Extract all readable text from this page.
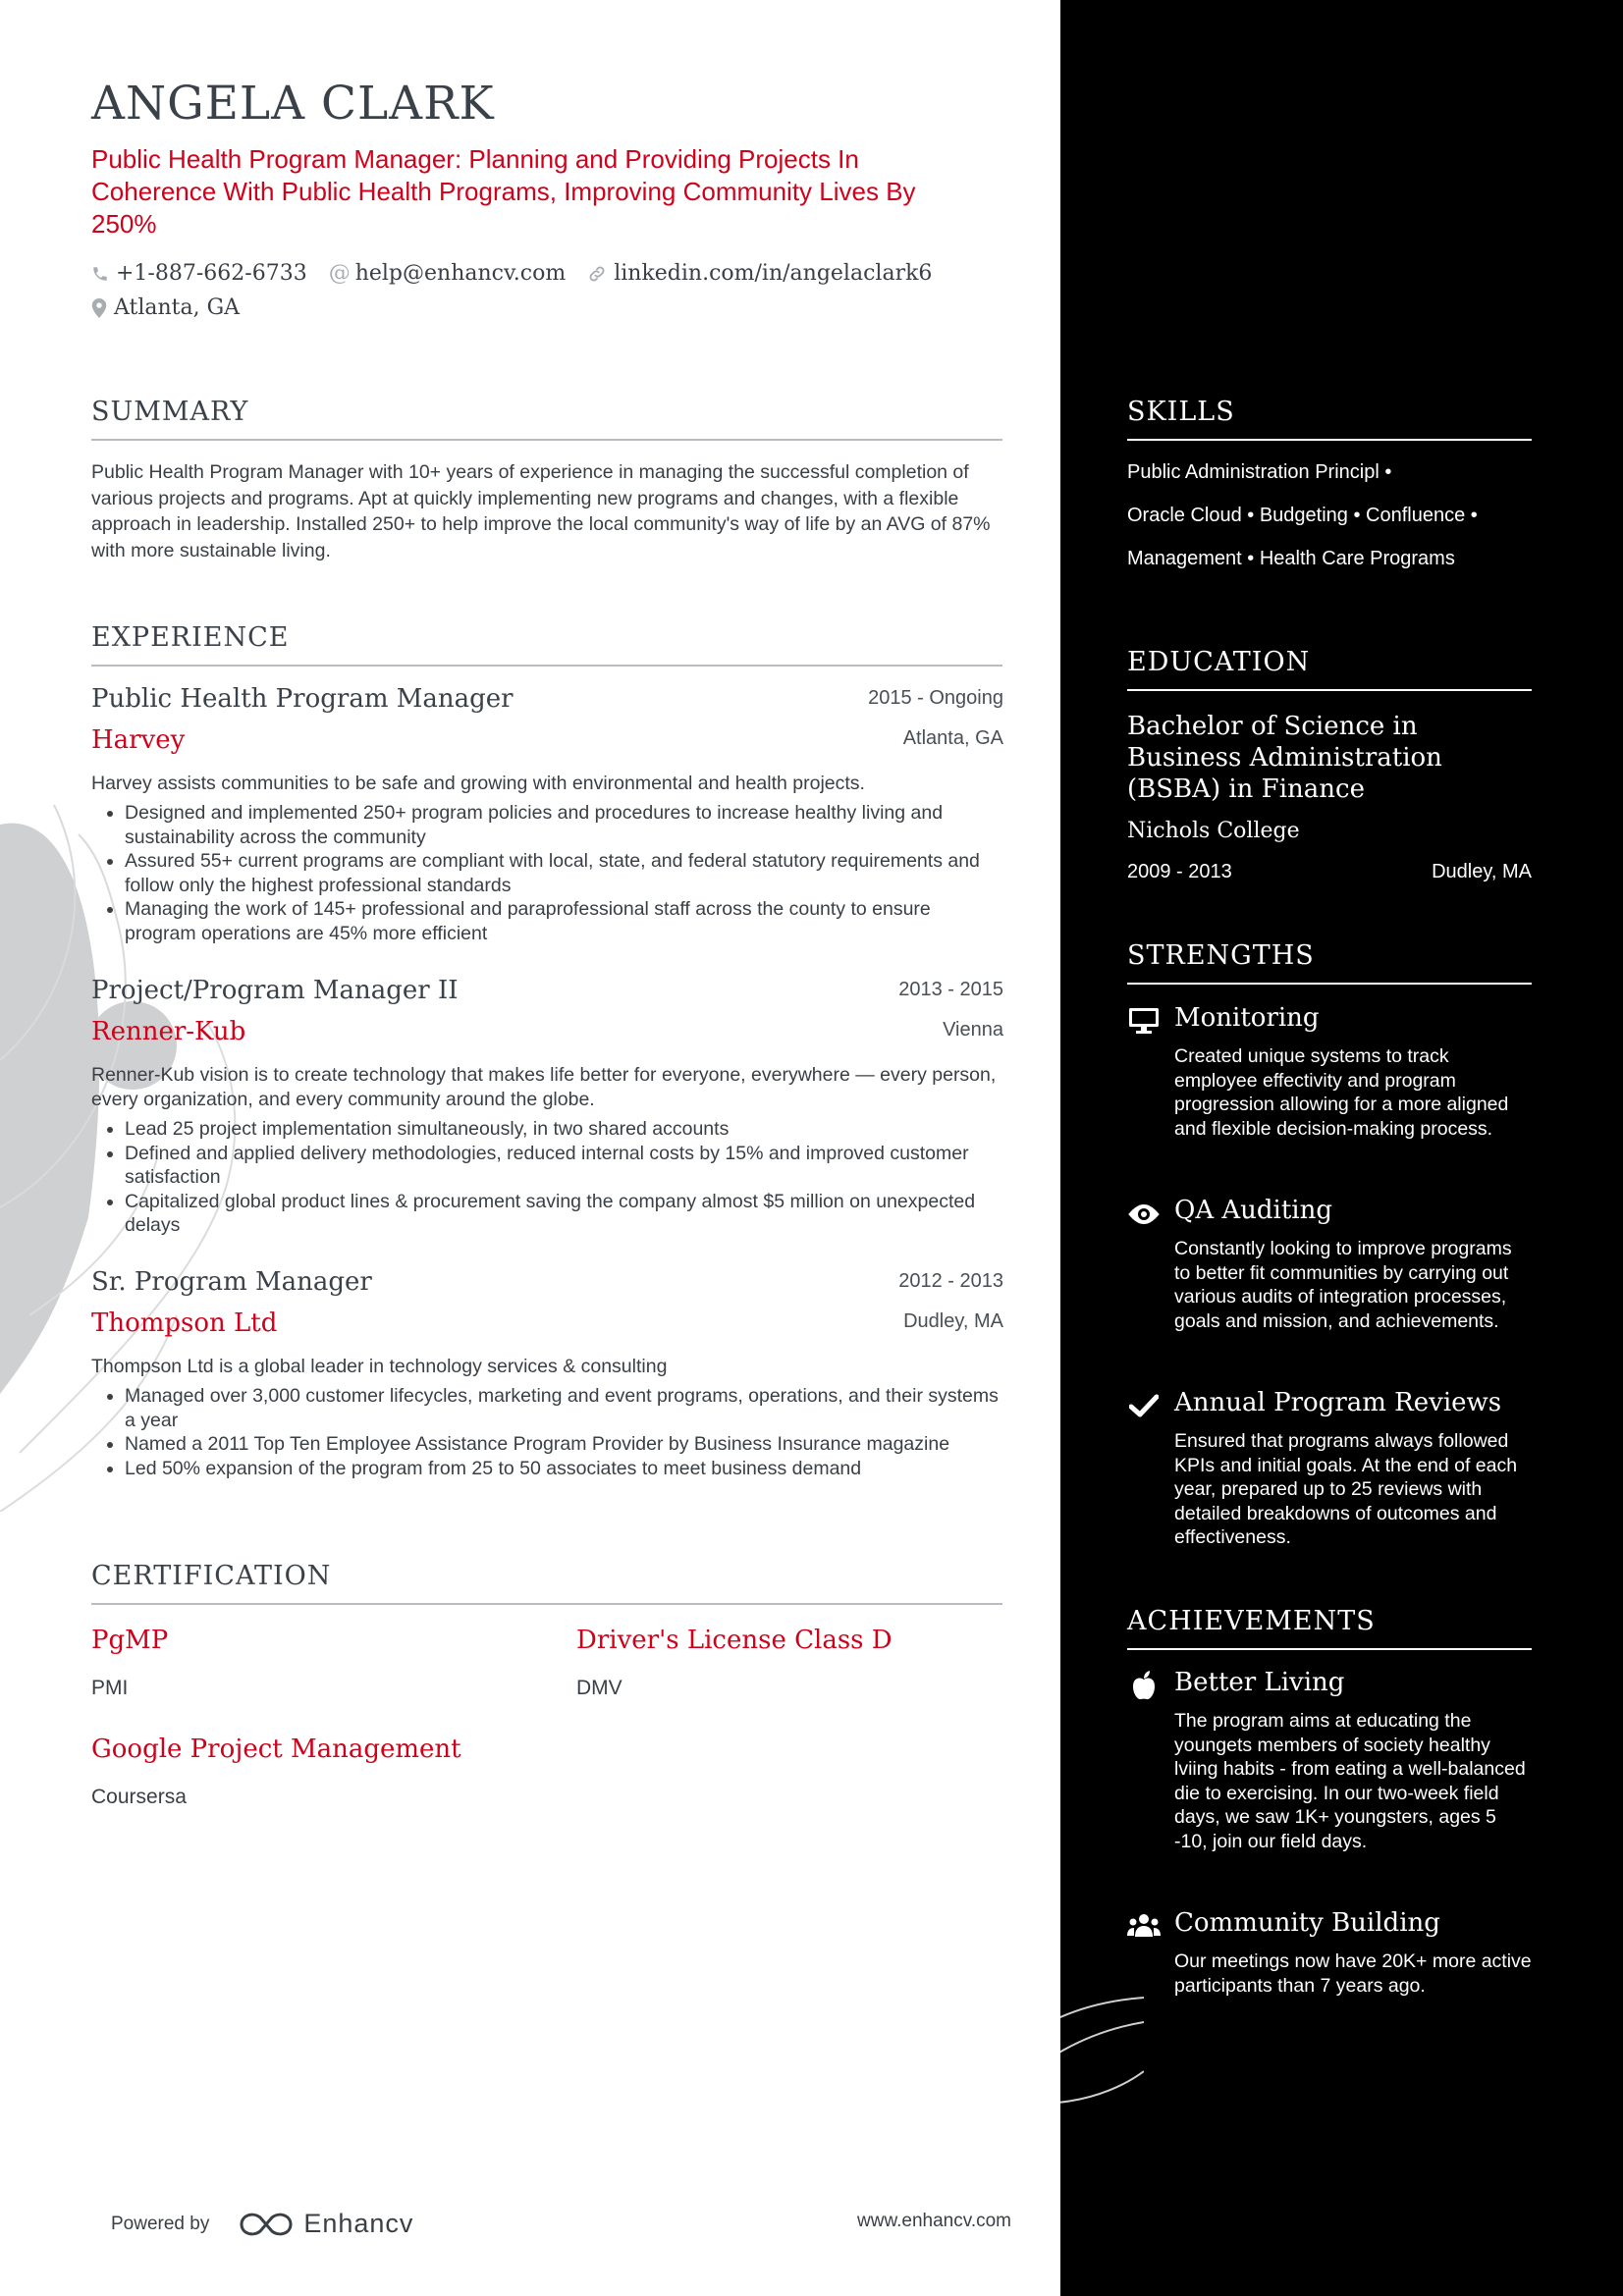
ANGELA CLARK
Public Health Program Manager: Planning and Providing Projects In Coherence With Public Health Programs, Improving Community Lives By 250%
+1-887-662-6733 @ help@enhancv.com linkedin.com/in/angelaclark6
Atlanta, GA
SUMMARY
Public Health Program Manager with 10+ years of experience in managing the successful completion of various projects and programs. Apt at quickly implementing new programs and changes, with a flexible approach in leadership. Installed 250+ to help improve the local community's way of life by an AVG of 87% with more sustainable living.
EXPERIENCE
Public Health Program Manager	2015 - Ongoing
Harvey	Atlanta, GA
Harvey assists communities to be safe and growing with environmental and health projects.
• Designed and implemented 250+ program policies and procedures to increase healthy living and sustainability across the community
• Assured 55+ current programs are compliant with local, state, and federal statutory requirements and follow only the highest professional standards
• Managing the work of 145+ professional and paraprofessional staff across the county to ensure program operations are 45% more efficient
Project/Program Manager II	2013 - 2015
Renner-Kub	Vienna
Renner-Kub vision is to create technology that makes life better for everyone, everywhere — every person, every organization, and every community around the globe.
• Lead 25 project implementation simultaneously, in two shared accounts
• Defined and applied delivery methodologies, reduced internal costs by 15% and improved customer satisfaction
• Capitalized global product lines & procurement saving the company almost $5 million on unexpected delays
Sr. Program Manager	2012 - 2013
Thompson Ltd	Dudley, MA
Thompson Ltd is a global leader in technology services & consulting
• Managed over 3,000 customer lifecycles, marketing and event programs, operations, and their systems a year
• Named a 2011 Top Ten Employee Assistance Program Provider by Business Insurance magazine
• Led 50% expansion of the program from 25 to 50 associates to meet business demand
CERTIFICATION
PgMP
PMI
Driver's License Class D
DMV
Google Project Management
Coursersa
Powered by	Enhancv	www.enhancv.com
SKILLS
Public Administration Principl •
Oracle Cloud • Budgeting • Confluence •
Management • Health Care Programs
EDUCATION
Bachelor of Science in Business Administration (BSBA) in Finance
Nichols College
2009 - 2013	Dudley, MA
STRENGTHS
Monitoring
Created unique systems to track employee effectivity and program progression allowing for a more aligned and flexible decision-making process.
QA Auditing
Constantly looking to improve programs to better fit communities by carrying out various audits of integration processes, goals and mission, and achievements.
Annual Program Reviews
Ensured that programs always followed KPIs and initial goals. At the end of each year, prepared up to 25 reviews with detailed breakdowns of outcomes and effectiveness.
ACHIEVEMENTS
Better Living
The program aims at educating the youngets members of society healthy lviing habits - from eating a well-balanced die to exercising. In our two-week field days, we saw 1K+ youngsters, ages 5 -10, join our field days.
Community Building
Our meetings now have 20K+ more active participants than 7 years ago.
